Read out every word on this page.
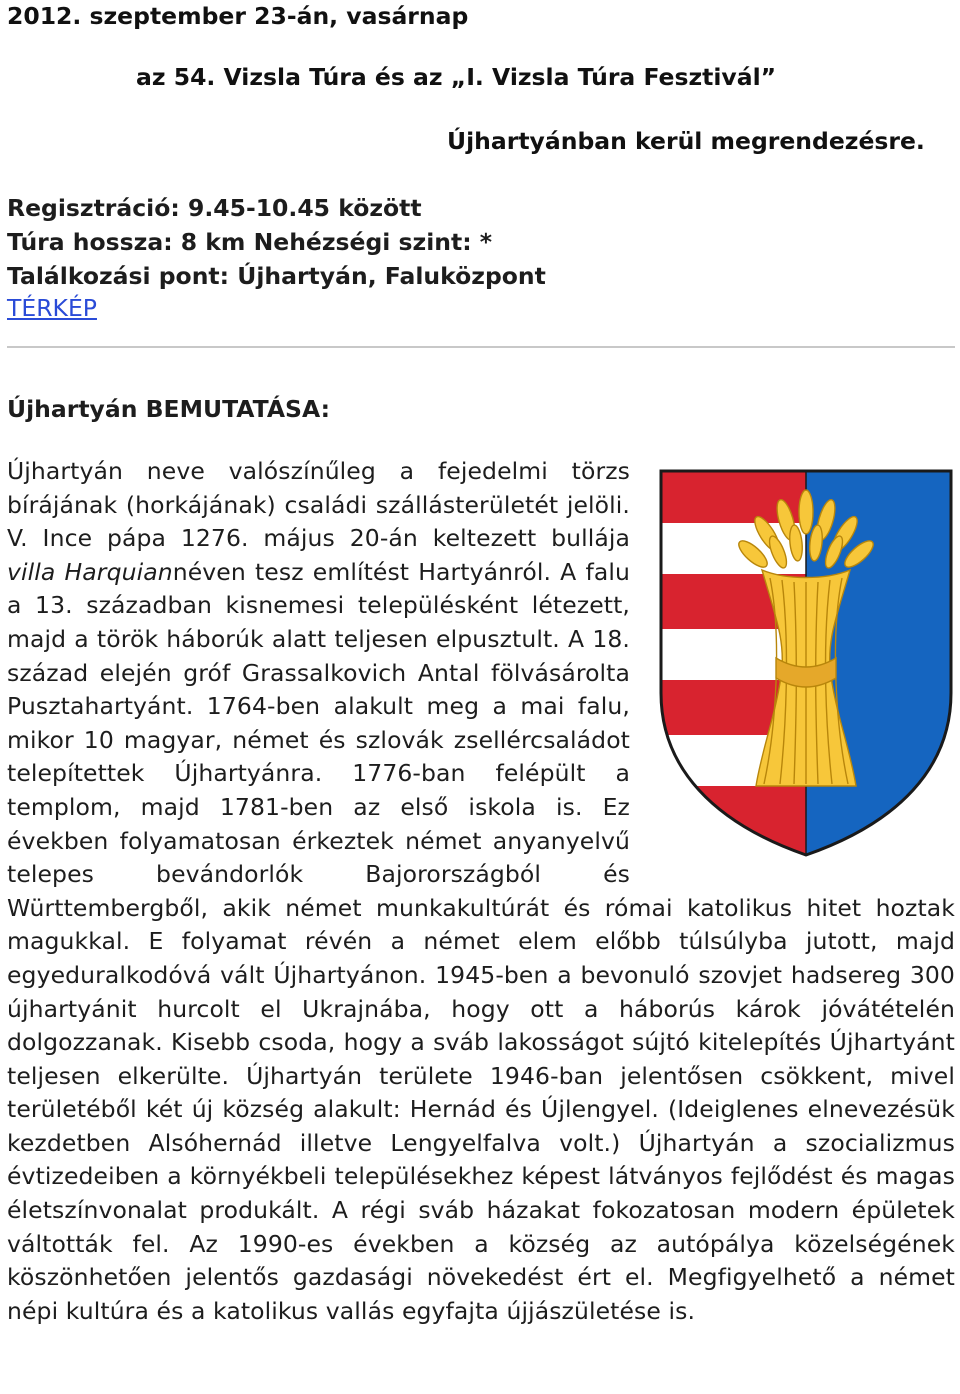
2012. szeptember 23-án, vasárnap
az 54. Vizsla Túra és az „I. Vizsla Túra Fesztivál”
Újhartyánban kerül megrendezésre.
Regisztráció: 9.45-10.45 között
Túra hossza: 8 km Nehézségi szint: *
Találkozási pont: Újhartyán, Faluközpont
TÉRKÉP
Újhartyán BEMUTATÁSA:

Újhartyán neve valószínűleg a fejedelmi törzs bírájának (horkájának) családi szállásterületét jelöli. V. Ince pápa 1276. május 20-án keltezett bullája villa Harquiannéven tesz említést Hartyánról. A falu a 13. században kisnemesi településként létezett, majd a török háborúk alatt teljesen elpusztult. A 18. század elején gróf Grassalkovich Antal fölvásárolta Pusztahartyánt. 1764-ben alakult meg a mai falu, mikor 10 magyar, német és szlovák zsellércsaládot telepítettek Újhartyánra. 1776-ban felépült a templom, majd 1781-ben az első iskola is. Ez években folyamatosan érkeztek német anyanyelvű telepes bevándorlók Bajorországból és Württembergből, akik német munkakultúrát és római katolikus hitet hoztak magukkal. E folyamat révén a német elem előbb túlsúlyba jutott, majd egyeduralkodóvá vált Újhartyánon. 1945-ben a bevonuló szovjet hadsereg 300 újhartyánit hurcolt el Ukrajnába, hogy ott a háborús károk jóvátételén dolgozzanak. Kisebb csoda, hogy a sváb lakosságot sújtó kitelepítés Újhartyánt teljesen elkerülte. Újhartyán területe 1946-ban jelentősen csökkent, mivel területéből két új község alakult: Hernád és Újlengyel. (Ideiglenes elnevezésük kezdetben Alsóhernád illetve Lengyelfalva volt.) Újhartyán a szocializmus évtizedeiben a környékbeli településekhez képest látványos fejlődést és magas életszínvonalat produkált. A régi sváb házakat fokozatosan modern épületek váltották fel. Az 1990-es években a község az autópálya közelségének köszönhetően jelentős gazdasági növekedést ért el. Megfigyelhető a német népi kultúra és a katolikus vallás egyfajta újjászületése is.
